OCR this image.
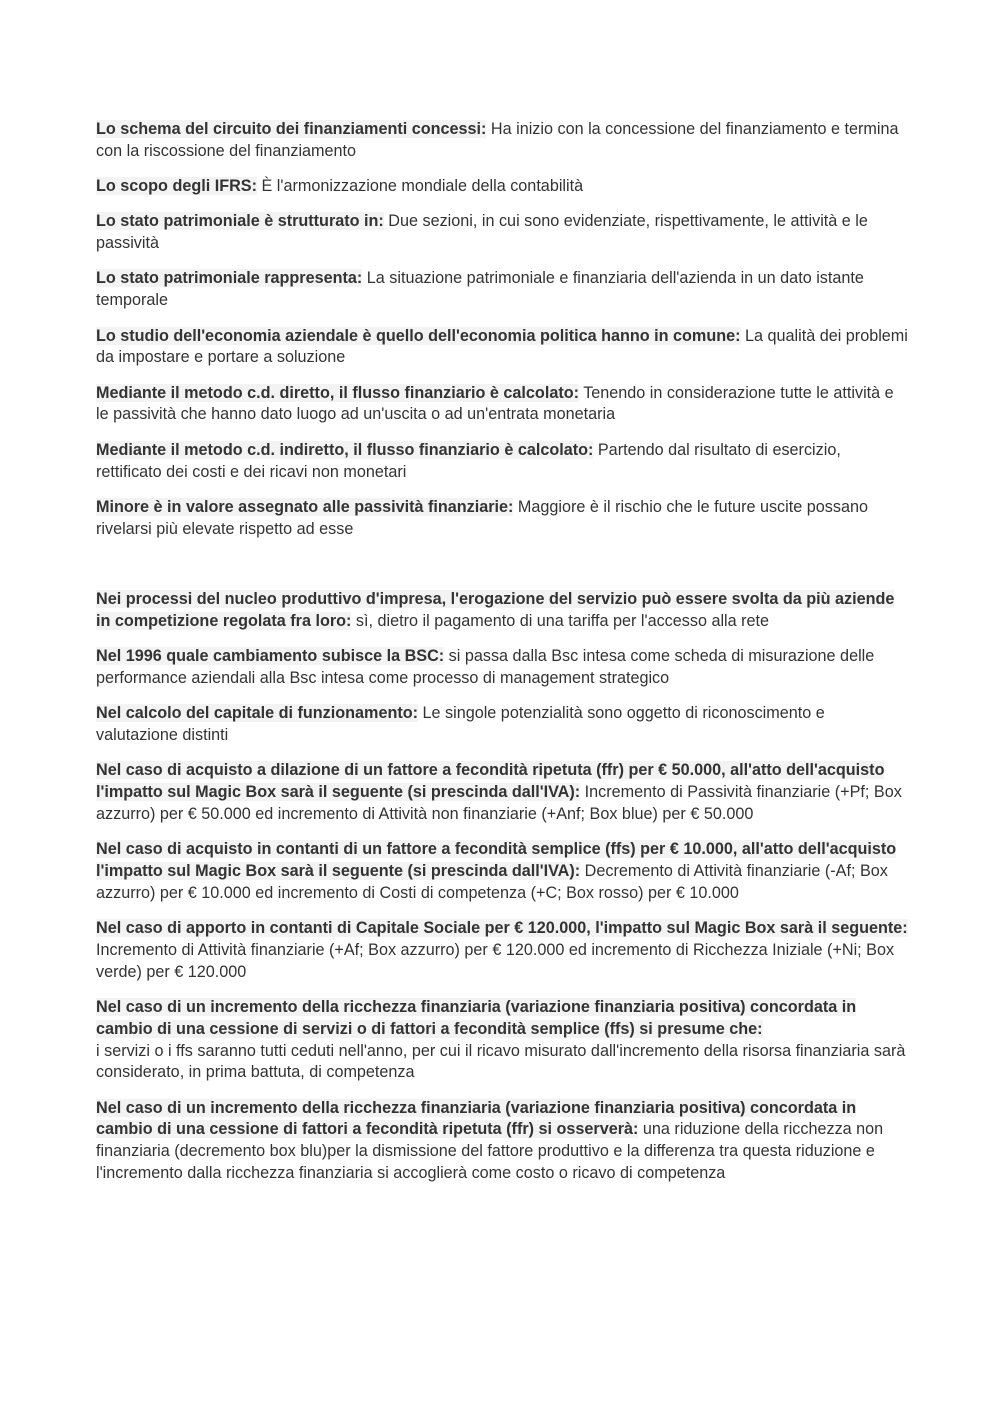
Lo schema del circuito dei finanziamenti concessi: Ha inizio con la concessione del finanziamento e termina con la riscossione del finanziamento

Lo scopo degli IFRS: È l'armonizzazione mondiale della contabilità

Lo stato patrimoniale è strutturato in: Due sezioni, in cui sono evidenziate, rispettivamente, le attività e le passività

Lo stato patrimoniale rappresenta: La situazione patrimoniale e finanziaria dell'azienda in un dato istante temporale

Lo studio dell'economia aziendale è quello dell'economia politica hanno in comune: La qualità dei problemi da impostare e portare a soluzione

Mediante il metodo c.d. diretto, il flusso finanziario è calcolato: Tenendo in considerazione tutte le attività e le passività che hanno dato luogo ad un'uscita o ad un'entrata monetaria

Mediante il metodo c.d. indiretto, il flusso finanziario è calcolato: Partendo dal risultato di esercizio, rettificato dei costi e dei ricavi non monetari

Minore è in valore assegnato alle passività finanziarie: Maggiore è il rischio che le future uscite possano rivelarsi più elevate rispetto ad esse

Nei processi del nucleo produttivo d'impresa, l'erogazione del servizio può essere svolta da più aziende in competizione regolata fra loro: sì, dietro il pagamento di una tariffa per l'accesso alla rete

Nel 1996 quale cambiamento subisce la BSC: si passa dalla Bsc intesa come scheda di misurazione delle performance aziendali alla Bsc intesa come processo di management strategico

Nel calcolo del capitale di funzionamento: Le singole potenzialità sono oggetto di riconoscimento e valutazione distinti

Nel caso di acquisto a dilazione di un fattore a fecondità ripetuta (ffr) per € 50.000, all'atto dell'acquisto l'impatto sul Magic Box sarà il seguente (si prescinda dall'IVA): Incremento di Passività finanziarie (+Pf; Box azzurro) per € 50.000 ed incremento di Attività non finanziarie (+Anf; Box blue) per € 50.000

Nel caso di acquisto in contanti di un fattore a fecondità semplice (ffs) per € 10.000, all'atto dell'acquisto l'impatto sul Magic Box sarà il seguente (si prescinda dall'IVA): Decremento di Attività finanziarie (-Af; Box azzurro) per € 10.000 ed incremento di Costi di competenza (+C; Box rosso) per € 10.000

Nel caso di apporto in contanti di Capitale Sociale per € 120.000, l'impatto sul Magic Box sarà il seguente: Incremento di Attività finanziarie (+Af; Box azzurro) per € 120.000 ed incremento di Ricchezza Iniziale (+Ni; Box verde) per € 120.000

Nel caso di un incremento della ricchezza finanziaria (variazione finanziaria positiva) concordata in cambio di una cessione di servizi o di fattori a fecondità semplice (ffs) si presume che:
i servizi o i ffs saranno tutti ceduti nell'anno, per cui il ricavo misurato dall'incremento della risorsa finanziaria sarà considerato, in prima battuta, di competenza

Nel caso di un incremento della ricchezza finanziaria (variazione finanziaria positiva) concordata in cambio di una cessione di fattori a fecondità ripetuta (ffr) si osserverà: una riduzione della ricchezza non finanziaria (decremento box blu)per la dismissione del fattore produttivo e la differenza tra questa riduzione e l'incremento dalla ricchezza finanziaria si accoglierà come costo o ricavo di competenza
